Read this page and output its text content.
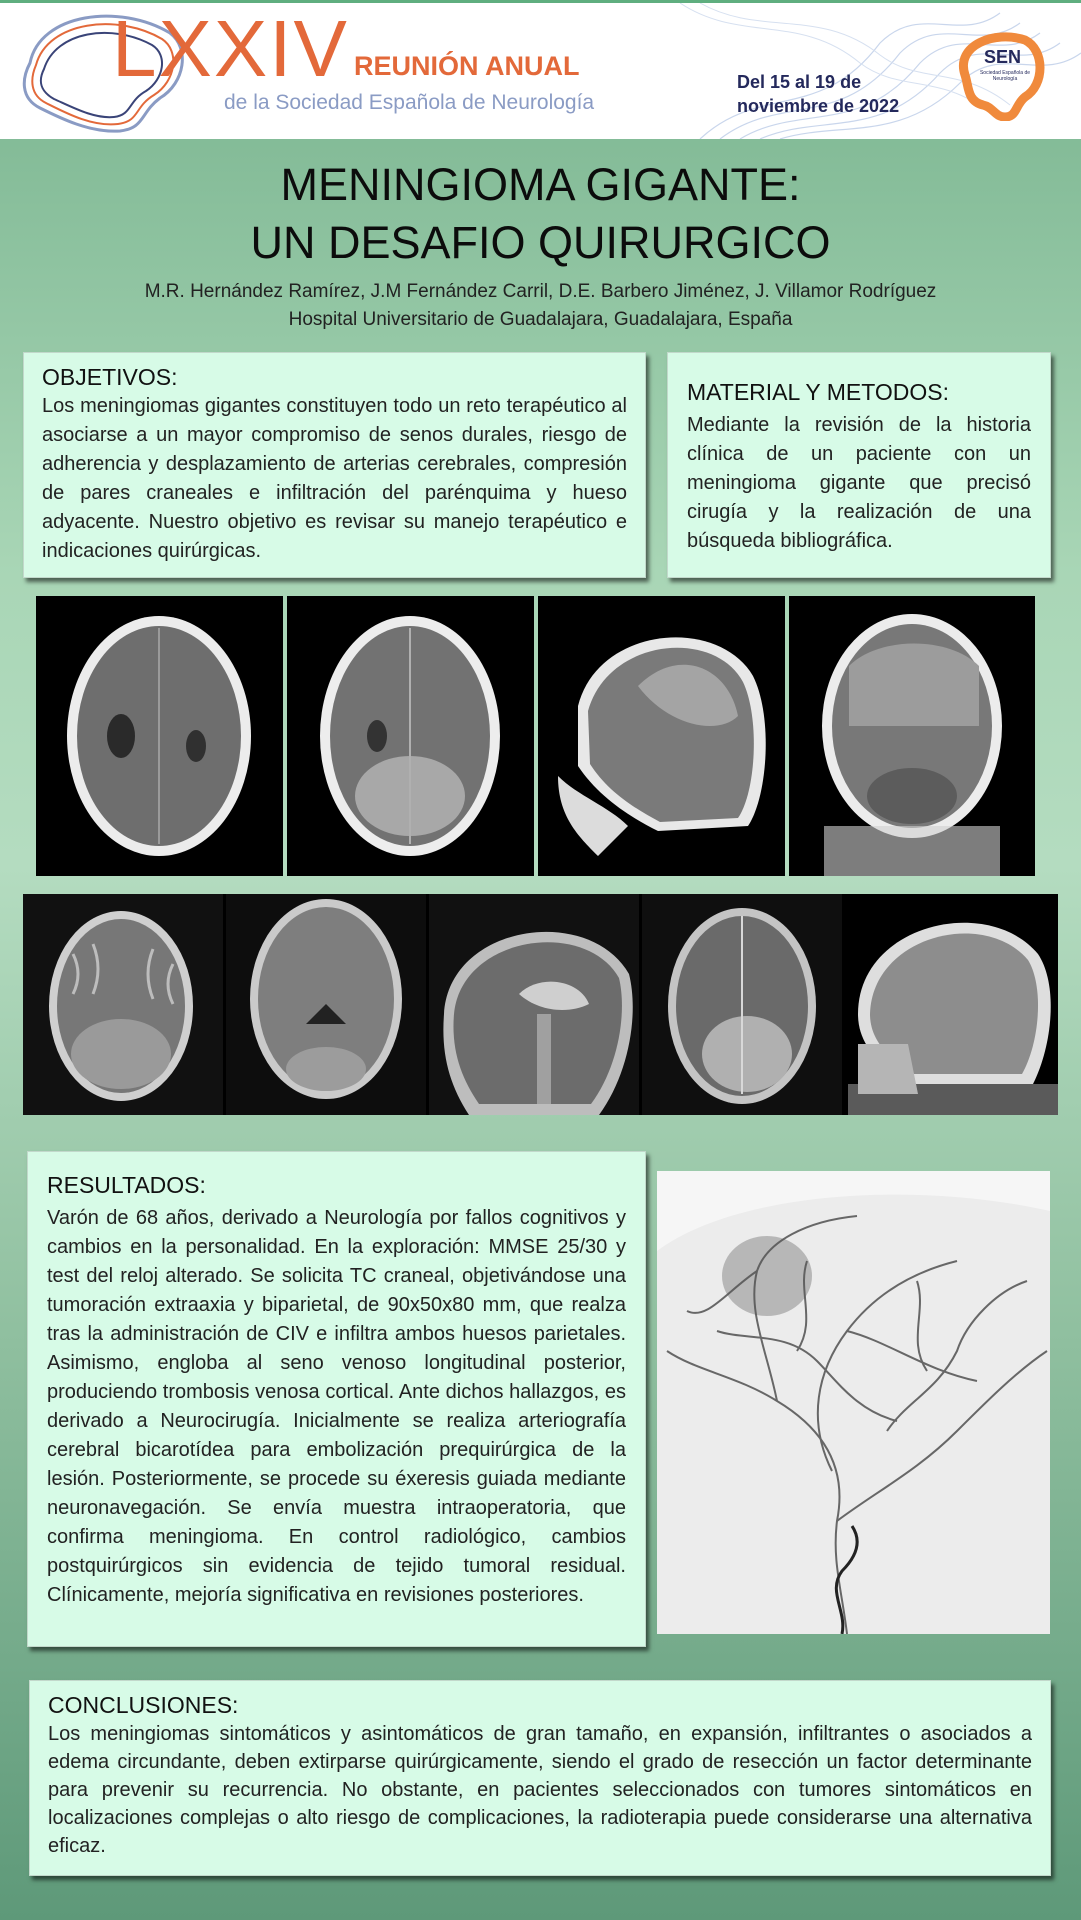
LXXIV REUNIÓN ANUAL
de la Sociedad Española de Neurología
Del 15 al 19 de
noviembre de 2022
SEN
Sociedad Española de Neurología
MENINGIOMA GIGANTE:
UN DESAFIO QUIRURGICO
M.R. Hernández Ramírez, J.M Fernández Carril, D.E. Barbero Jiménez, J. Villamor Rodríguez
Hospital Universitario de Guadalajara, Guadalajara, España
OBJETIVOS:

Los meningiomas gigantes constituyen todo un reto terapéutico al asociarse a un mayor compromiso de senos durales, riesgo de adherencia y desplazamiento de arterias cerebrales, compresión de pares craneales e infiltración del parénquima y hueso adyacente. Nuestro objetivo es revisar su manejo terapéutico e indicaciones quirúrgicas.

MATERIAL Y METODOS:

Mediante la revisión de la historia clínica de un paciente con un meningioma gigante que precisó cirugía y la realización de una búsqueda bibliográfica.

RESULTADOS:

Varón de 68 años, derivado a Neurología por fallos cognitivos y cambios en la personalidad. En la exploración: MMSE 25/30 y test del reloj alterado. Se solicita TC craneal, objetivándose una tumoración extraaxia y biparietal, de 90x50x80 mm, que realza tras la administración de CIV e infiltra ambos huesos parietales. Asimismo, engloba al seno venoso longitudinal posterior, produciendo trombosis venosa cortical. Ante dichos hallazgos, es derivado a Neurocirugía. Inicialmente se realiza arteriografía cerebral bicarotídea para embolización prequirúrgica de la lesión. Posteriormente, se procede su éxeresis guiada mediante neuronavegación. Se envía muestra intraoperatoria, que confirma meningioma. En control radiológico, cambios postquirúrgicos sin evidencia de tejido tumoral residual. Clínicamente, mejoría significativa en revisiones posteriores.

CONCLUSIONES:

Los meningiomas sintomáticos y asintomáticos de gran tamaño, en expansión, infiltrantes o asociados a edema circundante, deben extirparse quirúrgicamente, siendo el grado de resección un factor determinante para prevenir su recurrencia. No obstante, en pacientes seleccionados con tumores sintomáticos en localizaciones complejas o alto riesgo de complicaciones, la radioterapia puede considerarse una alternativa eficaz.
